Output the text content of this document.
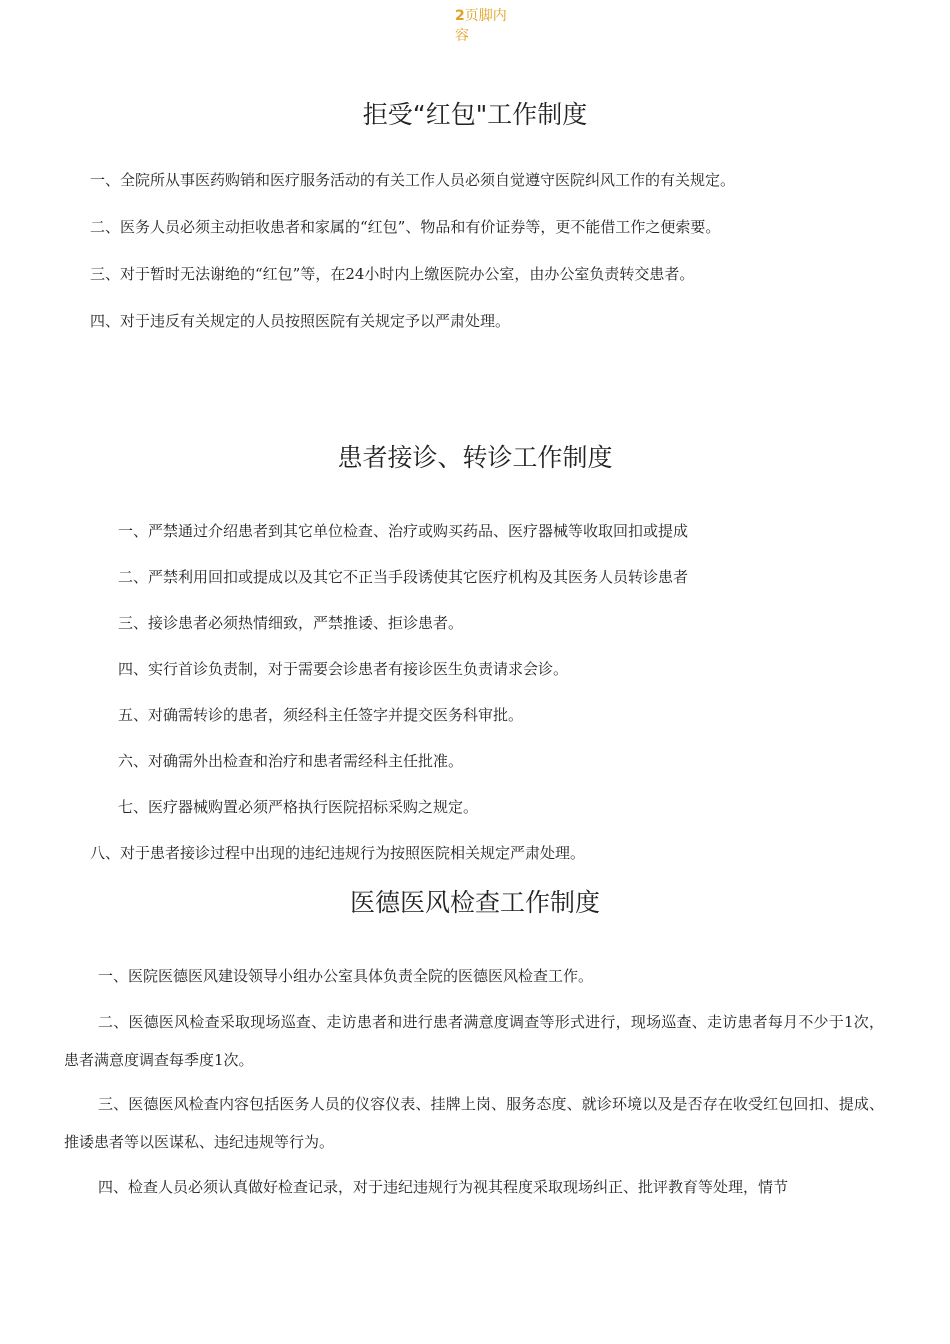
2页脚内容
拒受“红包"工作制度

一、全院所从事医药购销和医疗服务活动的有关工作人员必须自觉遵守医院纠风工作的有关规定。

二、医务人员必须主动拒收患者和家属的“红包”、物品和有价证券等，更不能借工作之便索要。

三、对于暂时无法谢绝的“红包”等，在24小时内上缴医院办公室，由办公室负责转交患者。

四、对于违反有关规定的人员按照医院有关规定予以严肃处理。

患者接诊、转诊工作制度

一、严禁通过介绍患者到其它单位检查、治疗或购买药品、医疗器械等收取回扣或提成

二、严禁利用回扣或提成以及其它不正当手段诱使其它医疗机构及其医务人员转诊患者

三、接诊患者必须热情细致，严禁推诿、拒诊患者。

四、实行首诊负责制，对于需要会诊患者有接诊医生负责请求会诊。

五、对确需转诊的患者，须经科主任签字并提交医务科审批。

六、对确需外出检查和治疗和患者需经科主任批准。

七、医疗器械购置必须严格执行医院招标采购之规定。

八、对于患者接诊过程中出现的违纪违规行为按照医院相关规定严肃处理。

医德医风检查工作制度

一、医院医德医风建设领导小组办公室具体负责全院的医德医风检查工作。

二、医德医风检查采取现场巡查、走访患者和进行患者满意度调查等形式进行，现场巡查、走访患者每月不少于1次，患者满意度调查每季度1次。

三、医德医风检查内容包括医务人员的仪容仪表、挂牌上岗、服务态度、就诊环境以及是否存在收受红包回扣、提成、推诿患者等以医谋私、违纪违规等行为。

四、检查人员必须认真做好检查记录，对于违纪违规行为视其程度采取现场纠正、批评教育等处理，情节
